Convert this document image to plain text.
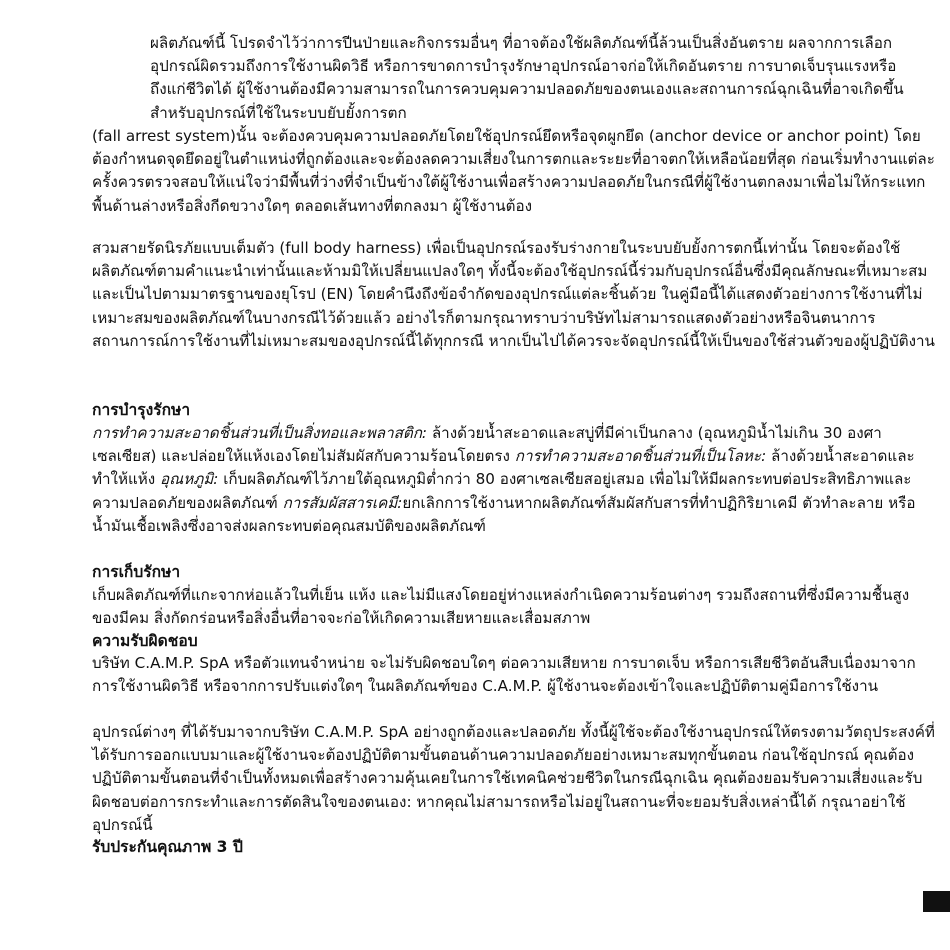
ผลิตภัณฑ์นี้ โปรดจำไว้ว่าการปีนป่ายและกิจกรรมอื่นๆ ที่อาจต้องใช้ผลิตภัณฑ์นี้ล้วนเป็นสิ่งอันตราย ผลจากการเลือกอุปกรณ์ผิดรวมถึงการใช้งานผิดวิธี หรือการขาดการบำรุงรักษาอุปกรณ์อาจก่อให้เกิดอันตราย การบาดเจ็บรุนแรงหรือถึงแก่ชีวิตได้ ผู้ใช้งานต้องมีความสามารถในการควบคุมความปลอดภัยของตนเองและสถานการณ์ฉุกเฉินที่อาจเกิดขึ้น สำหรับอุปกรณ์ที่ใช้ในระบบยับยั้งการตก

(fall arrest system)นั้น จะต้องควบคุมความปลอดภัยโดยใช้อุปกรณ์ยึดหรือจุดผูกยึด (anchor device or anchor point) โดยต้องกำหนดจุดยึดอยู่ในตำแหน่งที่ถูกต้องและจะต้องลดความเสี่ยงในการตกและระยะที่อาจตกให้เหลือน้อยที่สุด ก่อนเริ่มทำงานแต่ละครั้งควรตรวจสอบให้แน่ใจว่ามีพื้นที่ว่างที่จำเป็นข้างใต้ผู้ใช้งานเพื่อสร้างความปลอดภัยในกรณีที่ผู้ใช้งานตกลงมาเพื่อไม่ให้กระแทกพื้นด้านล่างหรือสิ่งกีดขวางใดๆ ตลอดเส้นทางที่ตกลงมา ผู้ใช้งานต้อง

สวมสายรัดนิรภัยแบบเต็มตัว (full body harness) เพื่อเป็นอุปกรณ์รองรับร่างกายในระบบยับยั้งการตกนี้เท่านั้น โดยจะต้องใช้ผลิตภัณฑ์ตามคำแนะนำเท่านั้นและห้ามมิให้เปลี่ยนแปลงใดๆ ทั้งนี้จะต้องใช้อุปกรณ์นี้ร่วมกับอุปกรณ์อื่นซึ่งมีคุณลักษณะที่เหมาะสมและเป็นไปตามมาตรฐานของยุโรป (EN) โดยคำนึงถึงข้อจำกัดของอุปกรณ์แต่ละชิ้นด้วย ในคู่มือนี้ได้แสดงตัวอย่างการใช้งานที่ไม่เหมาะสมของผลิตภัณฑ์ในบางกรณีไว้ด้วยแล้ว อย่างไรก็ตามกรุณาทราบว่าบริษัทไม่สามารถแสดงตัวอย่างหรือจินตนาการสถานการณ์การใช้งานที่ไม่เหมาะสมของอุปกรณ์นี้ได้ทุกกรณี หากเป็นไปได้ควรจะจัดอุปกรณ์นี้ให้เป็นของใช้ส่วนตัวของผู้ปฏิบัติงาน

การบำรุงรักษา

การทำความสะอาดชิ้นส่วนที่เป็นสิ่งทอและพลาสติก: ล้างด้วยน้ำสะอาดและสบู่ที่มีค่าเป็นกลาง (อุณหภูมิน้ำไม่เกิน 30 องศาเซลเซียส) และปล่อยให้แห้งเองโดยไม่สัมผัสกับความร้อนโดยตรง การทำความสะอาดชิ้นส่วนที่เป็นโลหะ: ล้างด้วยน้ำสะอาดและทำให้แห้ง อุณหภูมิ: เก็บผลิตภัณฑ์ไว้ภายใต้อุณหภูมิต่ำกว่า 80 องศาเซลเซียสอยู่เสมอ เพื่อไม่ให้มีผลกระทบต่อประสิทธิภาพและความปลอดภัยของผลิตภัณฑ์ การสัมผัสสารเคมี:ยกเลิกการใช้งานหากผลิตภัณฑ์สัมผัสกับสารที่ทำปฏิกิริยาเคมี ตัวทำละลาย หรือน้ำมันเชื้อเพลิงซึ่งอาจส่งผลกระทบต่อคุณสมบัติของผลิตภัณฑ์

การเก็บรักษา

เก็บผลิตภัณฑ์ที่แกะจากห่อแล้วในที่เย็น แห้ง และไม่มีแสงโดยอยู่ห่างแหล่งกำเนิดความร้อนต่างๆ รวมถึงสถานที่ซึ่งมีความชื้นสูง ของมีคม สิ่งกัดกร่อนหรือสิ่งอื่นที่อาจจะก่อให้เกิดความเสียหายและเสื่อมสภาพ

ความรับผิดชอบ

บริษัท C.A.M.P. SpA หรือตัวแทนจำหน่าย จะไม่รับผิดชอบใดๆ ต่อความเสียหาย การบาดเจ็บ หรือการเสียชีวิตอันสืบเนื่องมาจากการใช้งานผิดวิธี หรือจากการปรับแต่งใดๆ ในผลิตภัณฑ์ของ C.A.M.P. ผู้ใช้งานจะต้องเข้าใจและปฏิบัติตามคู่มือการใช้งาน

อุปกรณ์ต่างๆ ที่ได้รับมาจากบริษัท C.A.M.P. SpA อย่างถูกต้องและปลอดภัย ทั้งนี้ผู้ใช้จะต้องใช้งานอุปกรณ์ให้ตรงตามวัตถุประสงค์ที่ได้รับการออกแบบมาและผู้ใช้งานจะต้องปฏิบัติตามขั้นตอนด้านความปลอดภัยอย่างเหมาะสมทุกขั้นตอน ก่อนใช้อุปกรณ์ คุณต้องปฏิบัติตามขั้นตอนที่จำเป็นทั้งหมดเพื่อสร้างความคุ้นเคยในการใช้เทคนิคช่วยชีวิตในกรณีฉุกเฉิน คุณต้องยอมรับความเสี่ยงและรับผิดชอบต่อการกระทำและการตัดสินใจของตนเอง: หากคุณไม่สามารถหรือไม่อยู่ในสถานะที่จะยอมรับสิ่งเหล่านี้ได้ กรุณาอย่าใช้อุปกรณ์นี้

รับประกันคุณภาพ 3 ปี
